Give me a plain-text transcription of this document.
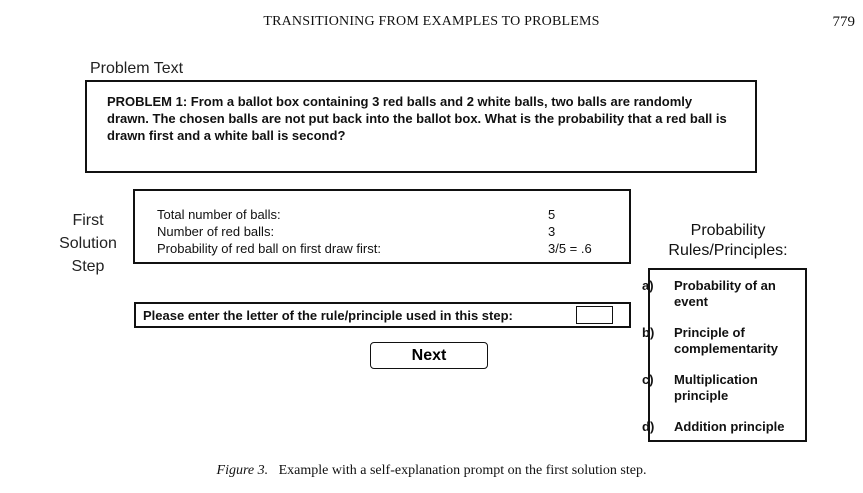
TRANSITIONING FROM EXAMPLES TO PROBLEMS	779
Problem Text
PROBLEM 1: From a ballot box containing 3 red balls and 2 white balls, two balls are randomly drawn. The chosen balls are not put back into the ballot box. What is the probability that a red ball is drawn first and a white ball is second?
First
Solution
Step
Total number of balls:	5
Number of red balls:	3
Probability of red ball on first draw first:	3/5 = .6
Please enter the letter of the rule/principle used in this step:
Next
Probability
Rules/Principles:
a) Probability of an event
b) Principle of complementarity
c) Multiplication principle
d) Addition principle
Figure 3. Example with a self-explanation prompt on the first solution step.
